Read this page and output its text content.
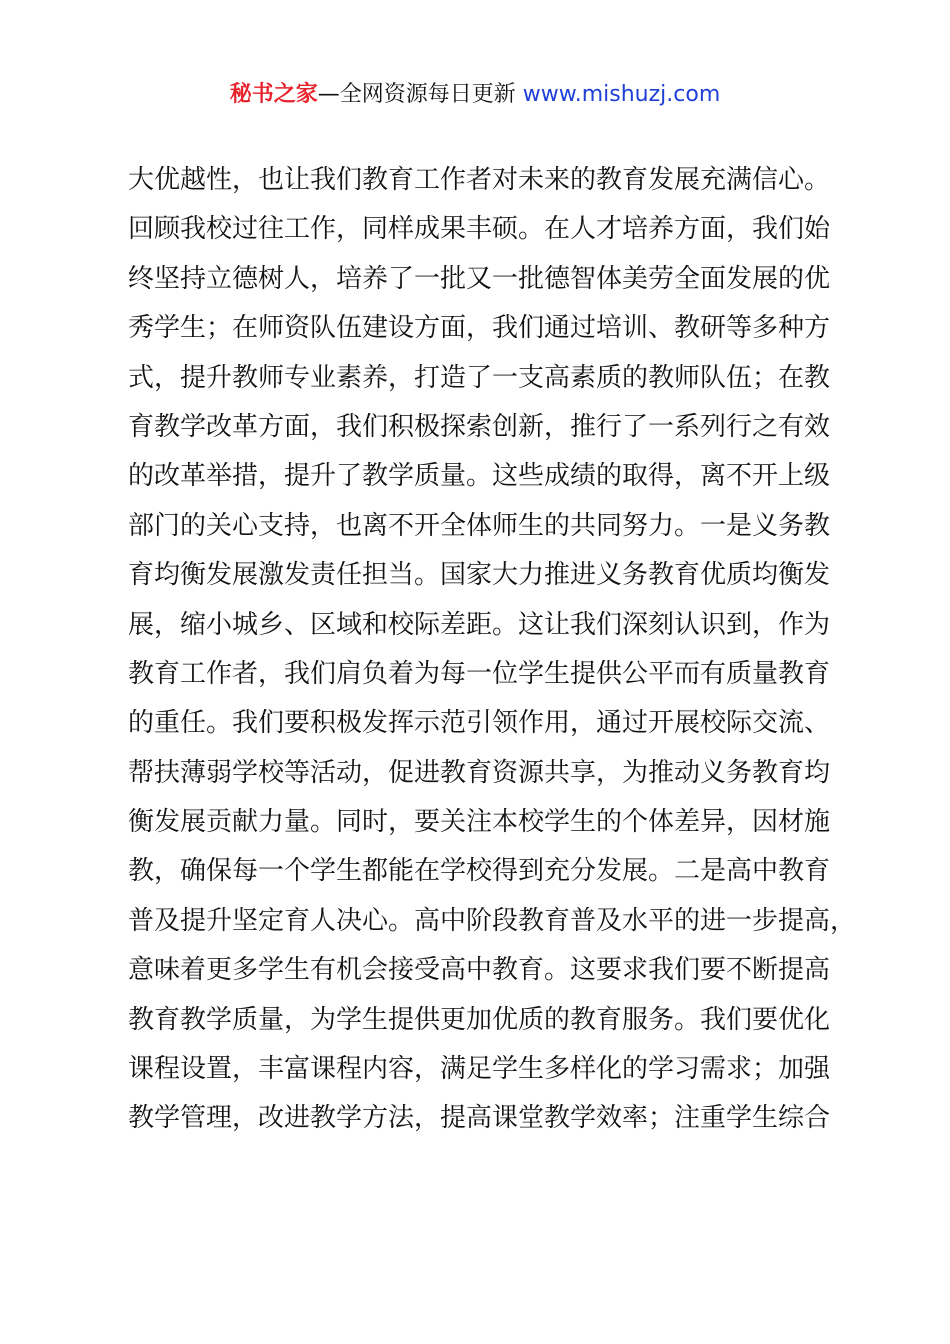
秘书之家—全网资源每日更新 www.mishuzj.com
大优越性，也让我们教育工作者对未来的教育发展充满信心。
回顾我校过往工作，同样成果丰硕。在人才培养方面，我们始
终坚持立德树人，培养了一批又一批德智体美劳全面发展的优
秀学生；在师资队伍建设方面，我们通过培训、教研等多种方
式，提升教师专业素养，打造了一支高素质的教师队伍；在教
育教学改革方面，我们积极探索创新，推行了一系列行之有效
的改革举措，提升了教学质量。这些成绩的取得，离不开上级
部门的关心支持，也离不开全体师生的共同努力。一是义务教
育均衡发展激发责任担当。国家大力推进义务教育优质均衡发
展，缩小城乡、区域和校际差距。这让我们深刻认识到，作为
教育工作者，我们肩负着为每一位学生提供公平而有质量教育
的重任。我们要积极发挥示范引领作用，通过开展校际交流、
帮扶薄弱学校等活动，促进教育资源共享，为推动义务教育均
衡发展贡献力量。同时，要关注本校学生的个体差异，因材施
教，确保每一个学生都能在学校得到充分发展。二是高中教育
普及提升坚定育人决心。高中阶段教育普及水平的进一步提高，
意味着更多学生有机会接受高中教育。这要求我们要不断提高
教育教学质量，为学生提供更加优质的教育服务。我们要优化
课程设置，丰富课程内容，满足学生多样化的学习需求；加强
教学管理，改进教学方法，提高课堂教学效率；注重学生综合
